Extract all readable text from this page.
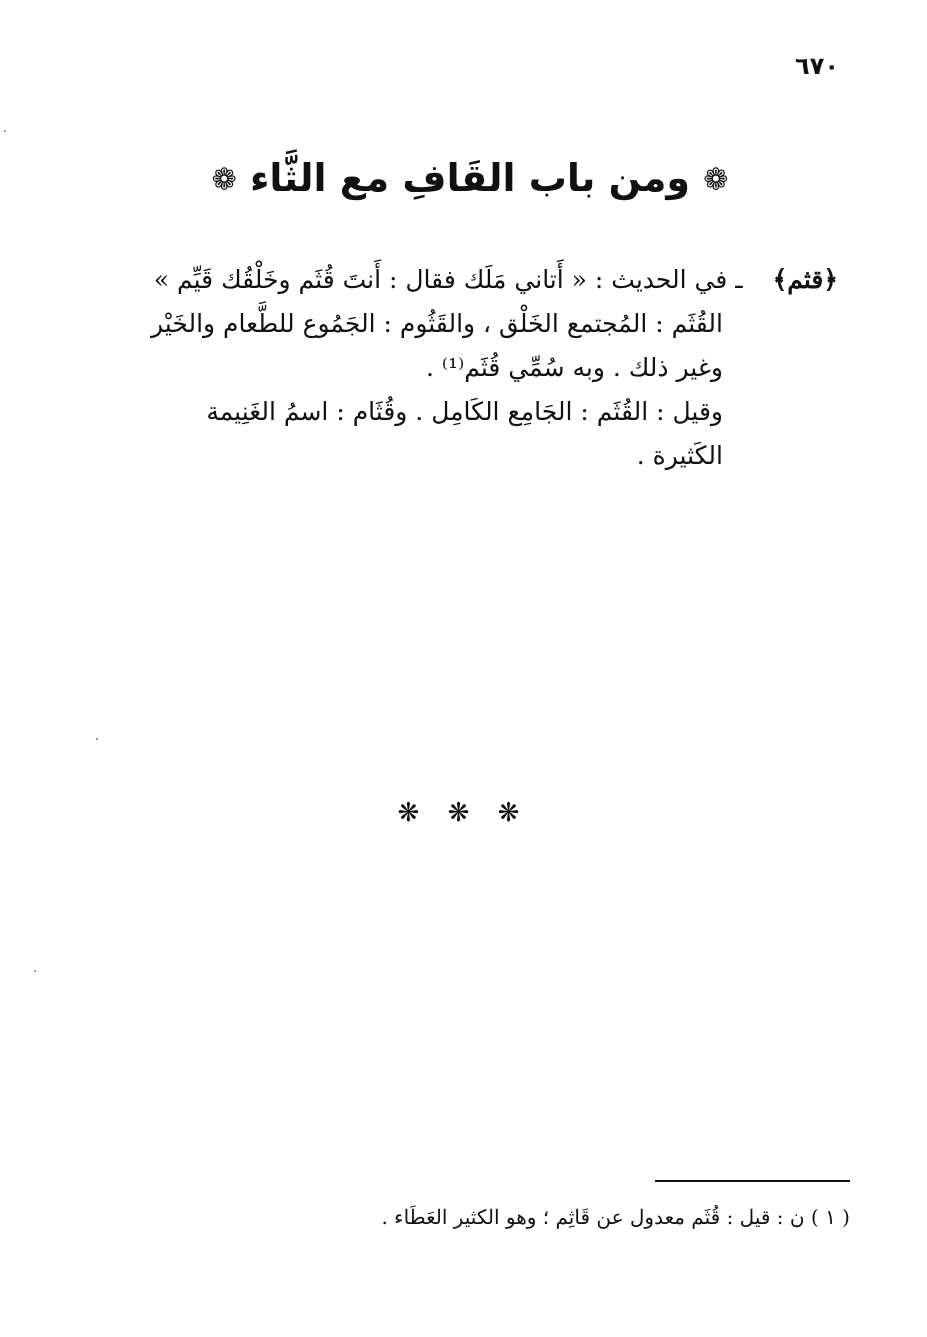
٦٧٠
❁ ومن باب القَافِ مع الثَّاء ❁

﴿قثم﴾ ـ في الحديث : « أَتاني مَلَك فقال : أَنتَ قُثَم وخَلْقُك قَيِّم »

القُثَم : المُجتمع الخَلْق ، والقَثُوم : الجَمُوع للطَّعام والخَيْر

وغير ذلك . وبه سُمِّي قُثَم⁽¹⁾ .

وقيل : القُثَم : الجَامِع الكَامِل . وقُثَام : اسمُ الغَنِيمة

الكَثيرة .

❋ ❋ ❋
( ١ ) ن : قيل : قُثَم معدول عن قَاثِم ؛ وهو الكثير العَطَاء .
